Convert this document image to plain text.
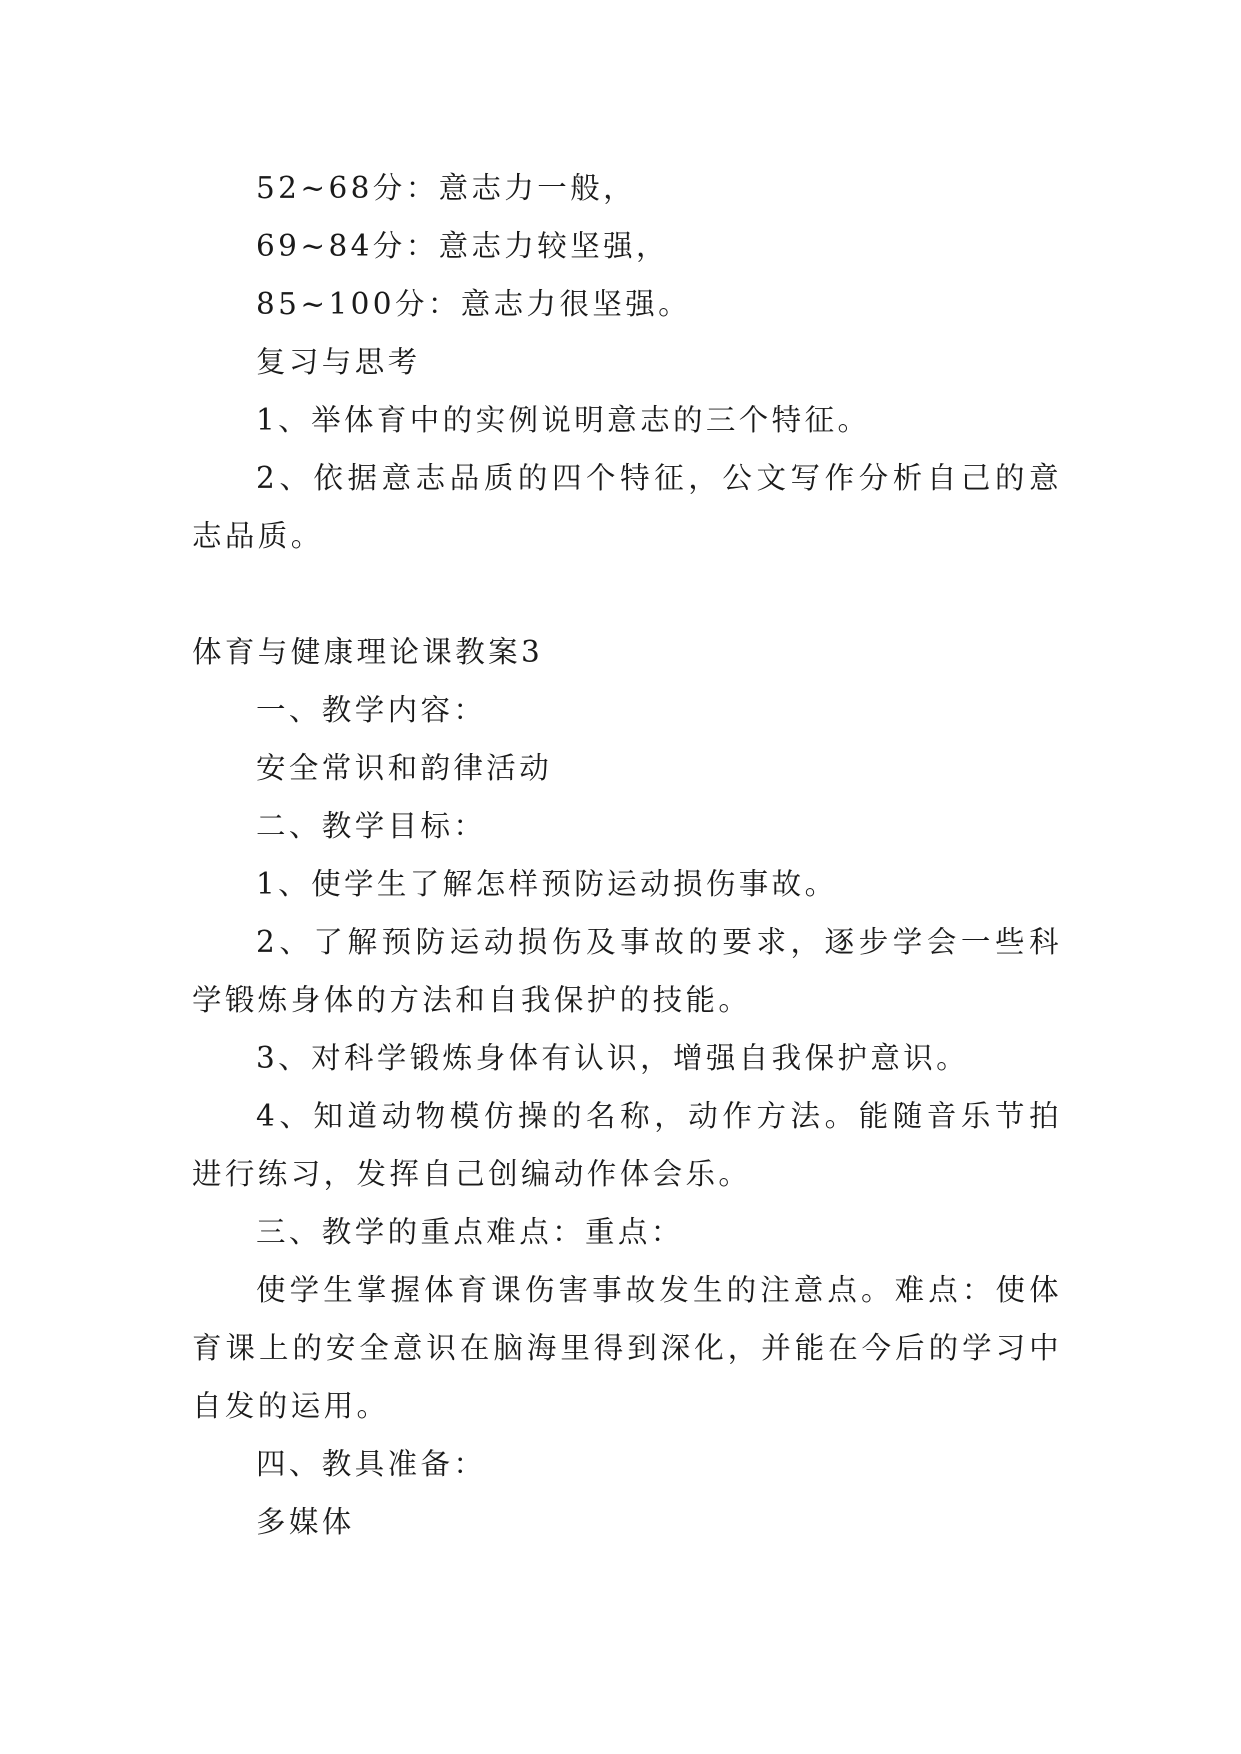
52~68分：意志力一般，

69~84分：意志力较坚强，

85~100分：意志力很坚强。

复习与思考

1、举体育中的实例说明意志的三个特征。

2、依据意志品质的四个特征，公文写作分析自己的意志品质。

体育与健康理论课教案3

一、教学内容：

安全常识和韵律活动

二、教学目标：

1、使学生了解怎样预防运动损伤事故。

2、了解预防运动损伤及事故的要求，逐步学会一些科学锻炼身体的方法和自我保护的技能。

3、对科学锻炼身体有认识，增强自我保护意识。

4、知道动物模仿操的名称，动作方法。能随音乐节拍进行练习，发挥自己创编动作体会乐。

三、教学的重点难点：重点：

使学生掌握体育课伤害事故发生的注意点。难点：使体育课上的安全意识在脑海里得到深化，并能在今后的学习中自发的运用。

四、教具准备：

多媒体
